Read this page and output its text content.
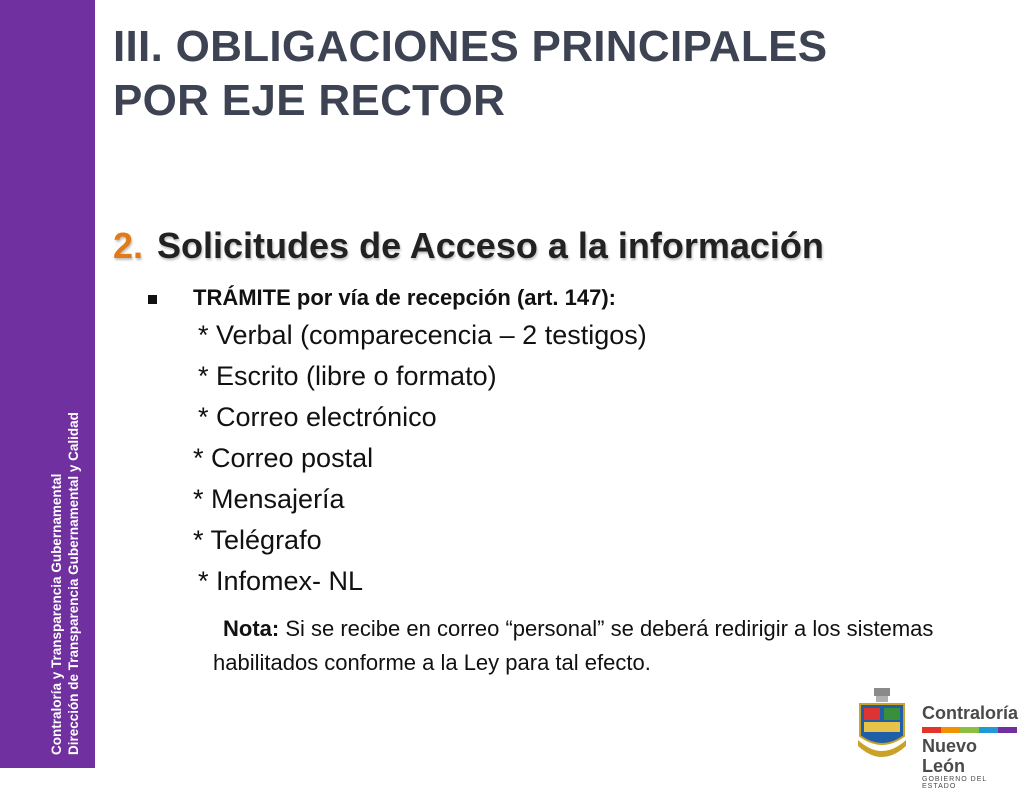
Contraloría y Transparencia Gubernamental Dirección de Transparencia Gubernamental y Calidad
III. OBLIGACIONES PRINCIPALES
POR EJE RECTOR
2. Solicitudes de Acceso a la información
TRÁMITE por vía de recepción (art. 147):
* Verbal (comparecencia – 2 testigos)
* Escrito (libre o formato)
* Correo electrónico
* Correo postal
* Mensajería
* Telégrafo
* Infomex- NL
Nota: Si se recibe en correo “personal” se deberá redirigir a los sistemas habilitados conforme a la Ley para tal efecto.
Contraloría
Nuevo León
GOBIERNO DEL ESTADO
